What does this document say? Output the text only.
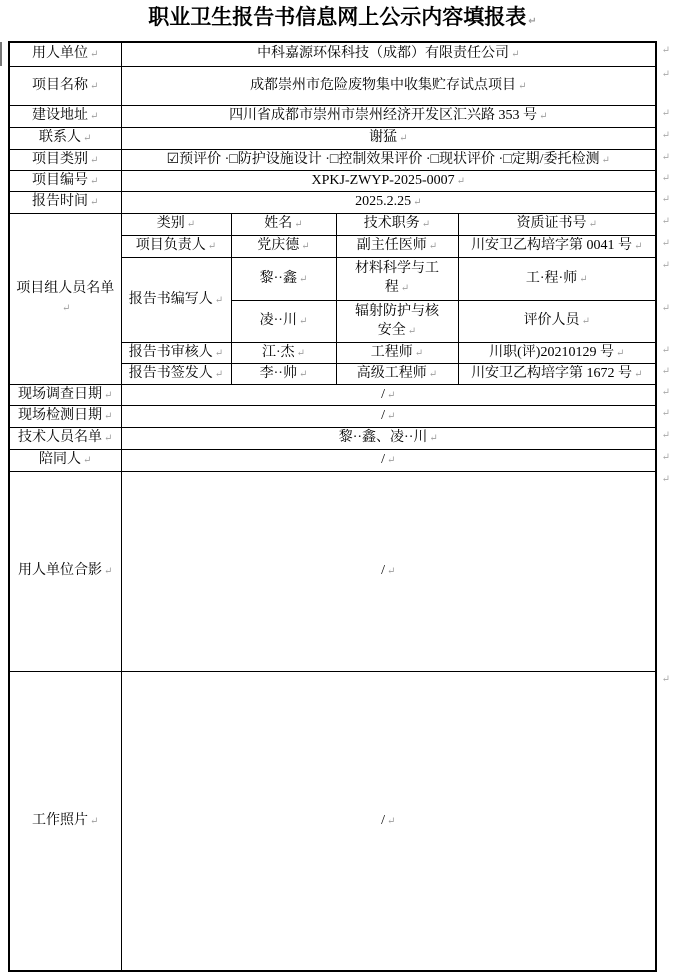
职业卫生报告书信息网上公示内容填报表 ↵
用人单位 ↵	中科嘉源环保科技（成都）有限责任公司 ↵ ↵
项目名称 ↵	成都崇州市危险废物集中收集贮存试点项目 ↵ ↵
建设地址 ↵	四川省成都市崇州市崇州经济开发区汇兴路 353 号 ↵ ↵
联系人 ↵	谢猛 ↵ ↵
项目类别 ↵	☑预评价 ·□防护设施设计 ·□控制效果评价 ·□现状评价 ·□定期/委托检测 ↵ ↵
项目编号 ↵	XPKJ-ZWYP-2025-0007 ↵ ↵
报告时间 ↵	2025.2.25 ↵ ↵
项目组人员名单 ↵	类别 ↵	姓名 ↵	技术职务 ↵	资质证书号 ↵ ↵
	项目负责人 ↵	党庆德 ↵	副主任医师 ↵	川安卫乙构培字第 0041 号 ↵ ↵
	报告书编写人 ↵	黎··鑫 ↵	材料科学与工程 ↵	工·程·师 ↵ ↵
		凌··川 ↵	辐射防护与核安全 ↵	评价人员 ↵ ↵
	报告书审核人 ↵	江·杰 ↵	工程师 ↵	川职(评)20210129 号 ↵ ↵
	报告书签发人 ↵	李··帅 ↵	高级工程师 ↵	川安卫乙构培字第 1672 号 ↵ ↵
现场调查日期 ↵	/ ↵ ↵
现场检测日期 ↵	/ ↵ ↵
技术人员名单 ↵	黎··鑫、凌··川 ↵ ↵
陪同人 ↵	/ ↵ ↵
用人单位合影 ↵	/ ↵ ↵
工作照片 ↵	/ ↵ ↵
